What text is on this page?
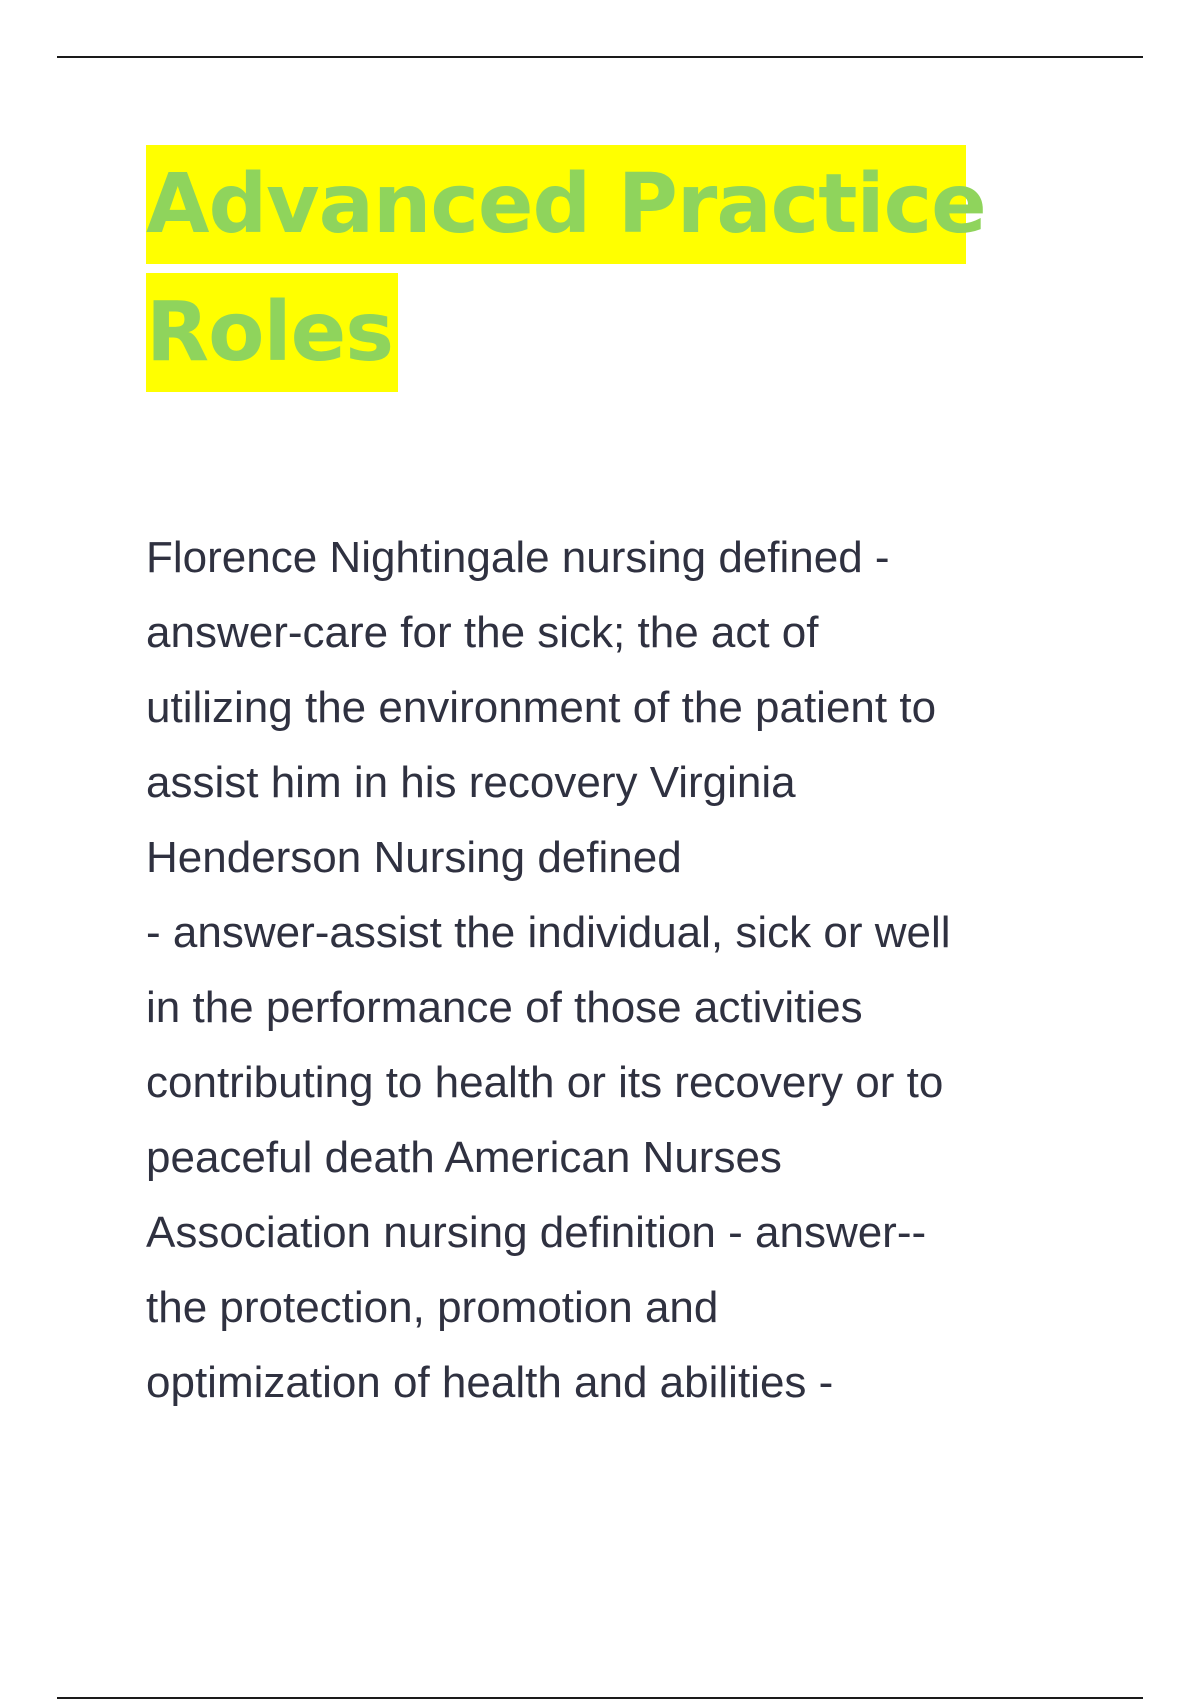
Advanced Practice
Roles
Florence Nightingale nursing defined -
answer-care for the sick; the act of
utilizing the environment of the patient to
assist him in his recovery Virginia
Henderson Nursing defined
- answer-assist the individual, sick or well
in the performance of those activities
contributing to health or its recovery or to
peaceful death American Nurses
Association nursing definition - answer--
the protection, promotion and
optimization of health and abilities -
